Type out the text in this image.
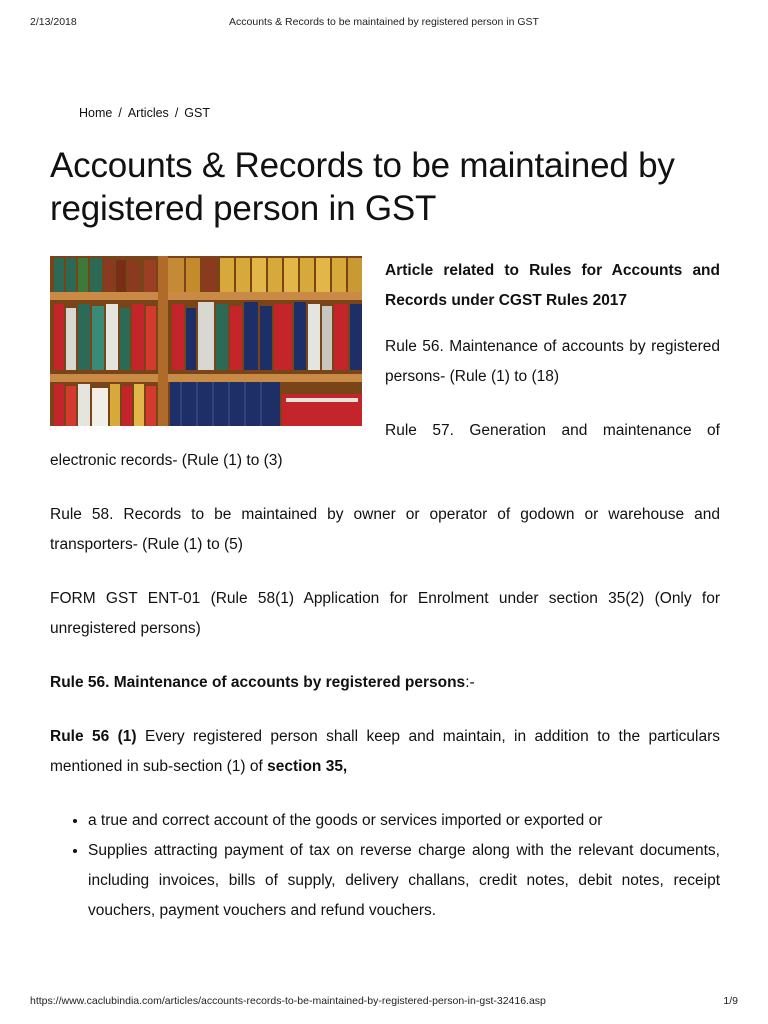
2/13/2018	Accounts & Records to be maintained by registered person in GST
Home / Articles / GST
Accounts & Records to be maintained by registered person in GST

Article related to Rules for Accounts and Records under CGST Rules 2017

Rule 56. Maintenance of accounts by registered persons- (Rule (1) to (18)

Rule 57. Generation and maintenance of electronic records- (Rule (1) to (3)

Rule 58. Records to be maintained by owner or operator of godown or warehouse and transporters- (Rule (1) to (5)

FORM GST ENT-01 (Rule 58(1) Application for Enrolment under section 35(2) (Only for unregistered persons)

Rule 56. Maintenance of accounts by registered persons:-

Rule 56 (1) Every registered person shall keep and maintain, in addition to the particulars mentioned in sub-section (1) of section 35,

• a true and correct account of the goods or services imported or exported or
• Supplies attracting payment of tax on reverse charge along with the relevant documents, including invoices, bills of supply, delivery challans, credit notes, debit notes, receipt vouchers, payment vouchers and refund vouchers.
https://www.caclubindia.com/articles/accounts-records-to-be-maintained-by-registered-person-in-gst-32416.asp	1/9
